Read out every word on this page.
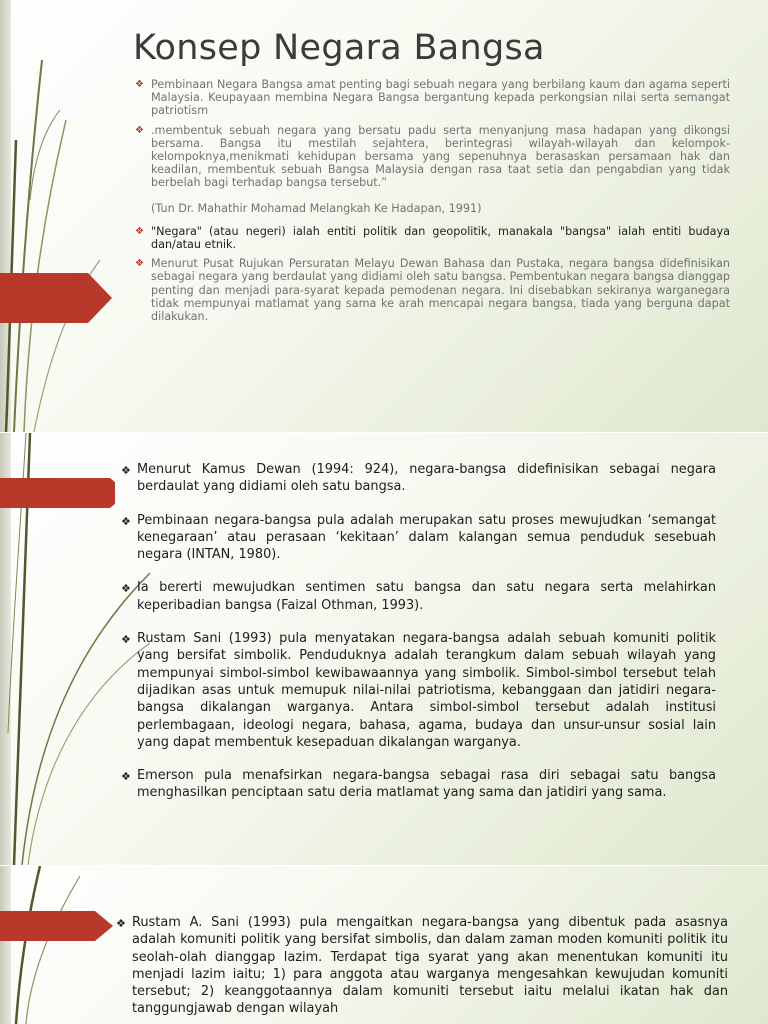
Konsep Negara Bangsa

❖ Pembinaan Negara Bangsa amat penting bagi sebuah negara yang berbilang kaum dan agama seperti Malaysia. Keupayaan membina Negara Bangsa bergantung kepada perkongsian nilai serta semangat patriotism

❖ .membentuk sebuah negara yang bersatu padu serta menyanjung masa hadapan yang dikongsi bersama. Bangsa itu mestilah sejahtera, berintegrasi wilayah-wilayah dan kelompok-kelompoknya,menikmati kehidupan bersama yang sepenuhnya berasaskan persamaan hak dan keadilan, membentuk sebuah Bangsa Malaysia dengan rasa taat setia dan pengabdian yang tidak berbelah bagi terhadap bangsa tersebut.”

(Tun Dr. Mahathir Mohamad Melangkah Ke Hadapan, 1991)

❖ "Negara" (atau negeri) ialah entiti politik dan geopolitik, manakala "bangsa" ialah entiti budaya dan/atau etnik.

❖ Menurut Pusat Rujukan Persuratan Melayu Dewan Bahasa dan Pustaka, negara bangsa didefinisikan sebagai negara yang berdaulat yang didiami oleh satu bangsa. Pembentukan negara bangsa dianggap penting dan menjadi para-syarat kepada pemodenan negara. Ini disebabkan sekiranya warganegara tidak mempunyai matlamat yang sama ke arah mencapai negara bangsa, tiada yang berguna dapat dilakukan.

❖ Menurut Kamus Dewan (1994: 924), negara-bangsa didefinisikan sebagai negara berdaulat yang didiami oleh satu bangsa.

❖ Pembinaan negara-bangsa pula adalah merupakan satu proses mewujudkan ‘semangat kenegaraan’ atau perasaan ‘kekitaan’ dalam kalangan semua penduduk sesebuah negara (INTAN, 1980).

❖ Ia bererti mewujudkan sentimen satu bangsa dan satu negara serta melahirkan keperibadian bangsa (Faizal Othman, 1993).

❖ Rustam Sani (1993) pula menyatakan negara-bangsa adalah sebuah komuniti politik yang bersifat simbolik. Penduduknya adalah terangkum dalam sebuah wilayah yang mempunyai simbol-simbol kewibawaannya yang simbolik. Simbol-simbol tersebut telah dijadikan asas untuk memupuk nilai-nilai patriotisma, kebanggaan dan jatidiri negara-bangsa dikalangan warganya. Antara simbol-simbol tersebut adalah institusi perlembagaan, ideologi negara, bahasa, agama, budaya dan unsur-unsur sosial lain yang dapat membentuk kesepaduan dikalangan warganya.

❖ Emerson pula menafsirkan negara-bangsa sebagai rasa diri sebagai satu bangsa menghasilkan penciptaan satu deria matlamat yang sama dan jatidiri yang sama.

❖ Rustam A. Sani (1993) pula mengaitkan negara-bangsa yang dibentuk pada asasnya adalah komuniti politik yang bersifat simbolis, dan dalam zaman moden komuniti politik itu seolah-olah dianggap lazim. Terdapat tiga syarat yang akan menentukan komuniti itu menjadi lazim iaitu; 1) para anggota atau warganya mengesahkan kewujudan komuniti tersebut; 2) keanggotaannya dalam komuniti tersebut iaitu melalui ikatan hak dan tanggungjawab dengan wilayah
